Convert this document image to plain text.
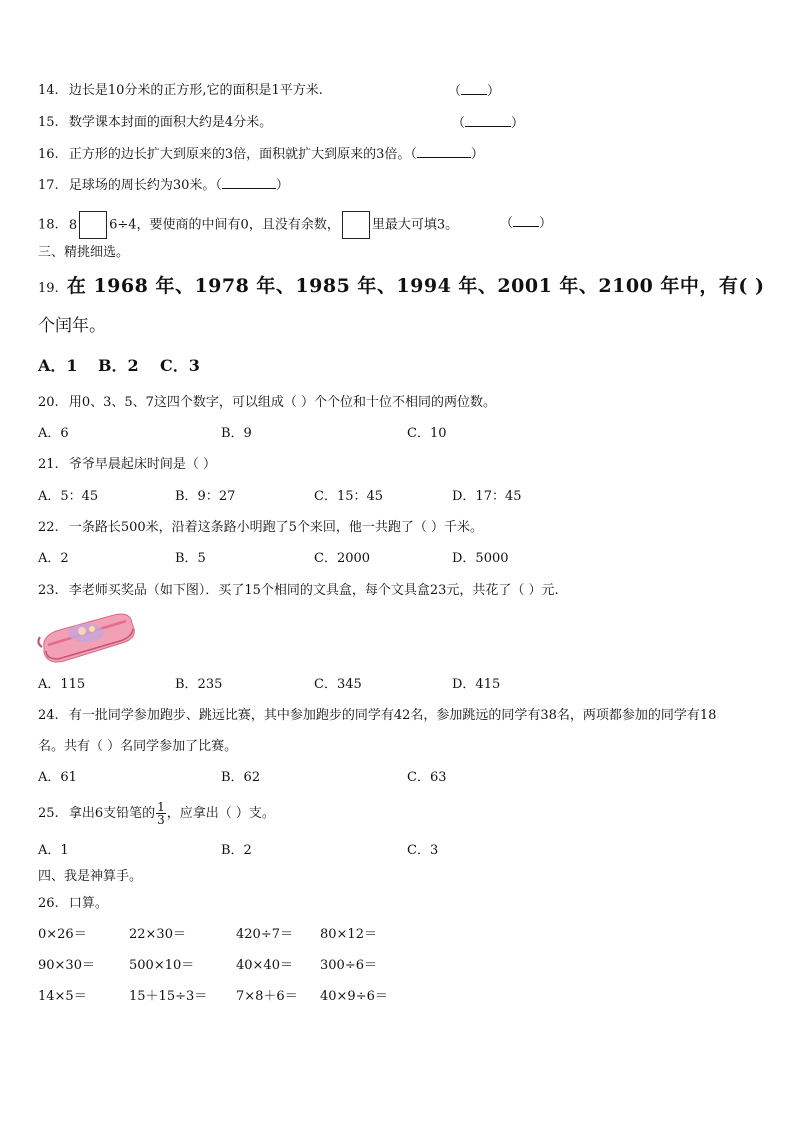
14. 边长是10分米的正方形,它的面积是1平方米.	（ ）
15. 数学课本封面的面积大约是4分米。	（	）
16. 正方形的边长扩大到原来的3倍，面积就扩大到原来的3倍。（	）
17. 足球场的周长约为30米。（	）
18. 8 6÷4，要使商的中间有0，且没有余数， 里最大可填3。	（ ）
三、精挑细选。
19. 在 1968 年、1978 年、1985 年、1994 年、2001 年、2100 年中，有( )
个闰年。
A．1 B．2 C．3
20. 用0、3、5、7这四个数字，可以组成（ ）个个位和十位不相同的两位数。
A．6	B．9	C．10
21. 爷爷早晨起床时间是（ ）
A．5：45	B．9：27	C．15：45	D．17：45
22. 一条路长500米，沿着这条路小明跑了5个来回，他一共跑了（ ）千米。
A．2	B．5	C．2000	D．5000
23. 李老师买奖品（如下图）．买了15个相同的文具盒，每个文具盒23元，共花了（ ）元.
A．115	B．235	C．345	D．415
24. 有一批同学参加跑步、跳远比赛，其中参加跑步的同学有42名，参加跳远的同学有38名，两项都参加的同学有18
名。共有（ ）名同学参加了比赛。
A．61	B．62	C．63
25. 拿出6支铅笔的 $\frac{1}{3}$ ，应拿出（ ）支。
A．1	B．2	C．3
四、我是神算手。
26. 口算。
0×26＝	22×30＝	420÷7＝ 80×12＝
90×30＝	500×10＝	40×40＝ 300÷6＝
14×5＝	15＋15÷3＝ 7×8＋6＝ 40×9÷6＝
